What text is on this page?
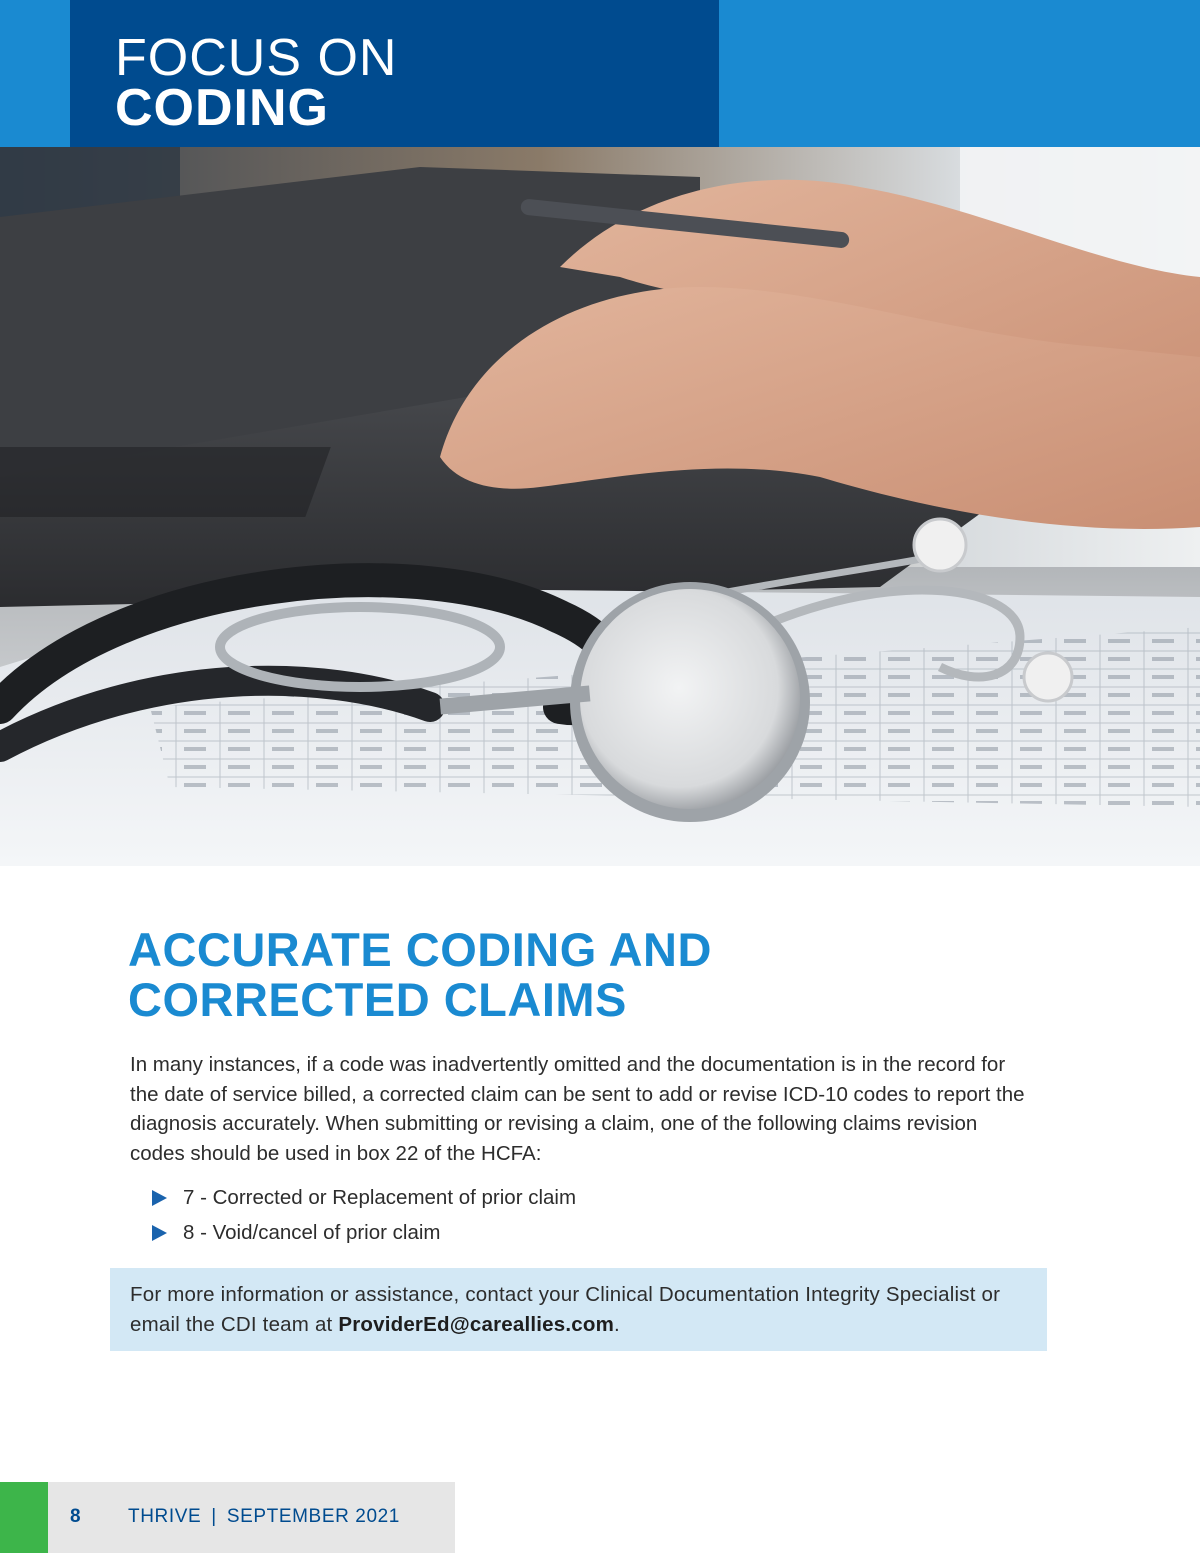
FOCUS ON
CODING
ACCURATE CODING AND
CORRECTED CLAIMS

In many instances, if a code was inadvertently omitted and the documentation is in the record for the date of service billed, a corrected claim can be sent to add or revise ICD-10 codes to report the diagnosis accurately. When submitting or revising a claim, one of the following claims revision codes should be used in box 22 of the HCFA:

7 - Corrected or Replacement of prior claim
8 - Void/cancel of prior claim

For more information or assistance, contact your Clinical Documentation Integrity Specialist or email the CDI team at ProviderEd@careallies.com.

8 THRIVE | SEPTEMBER 2021
